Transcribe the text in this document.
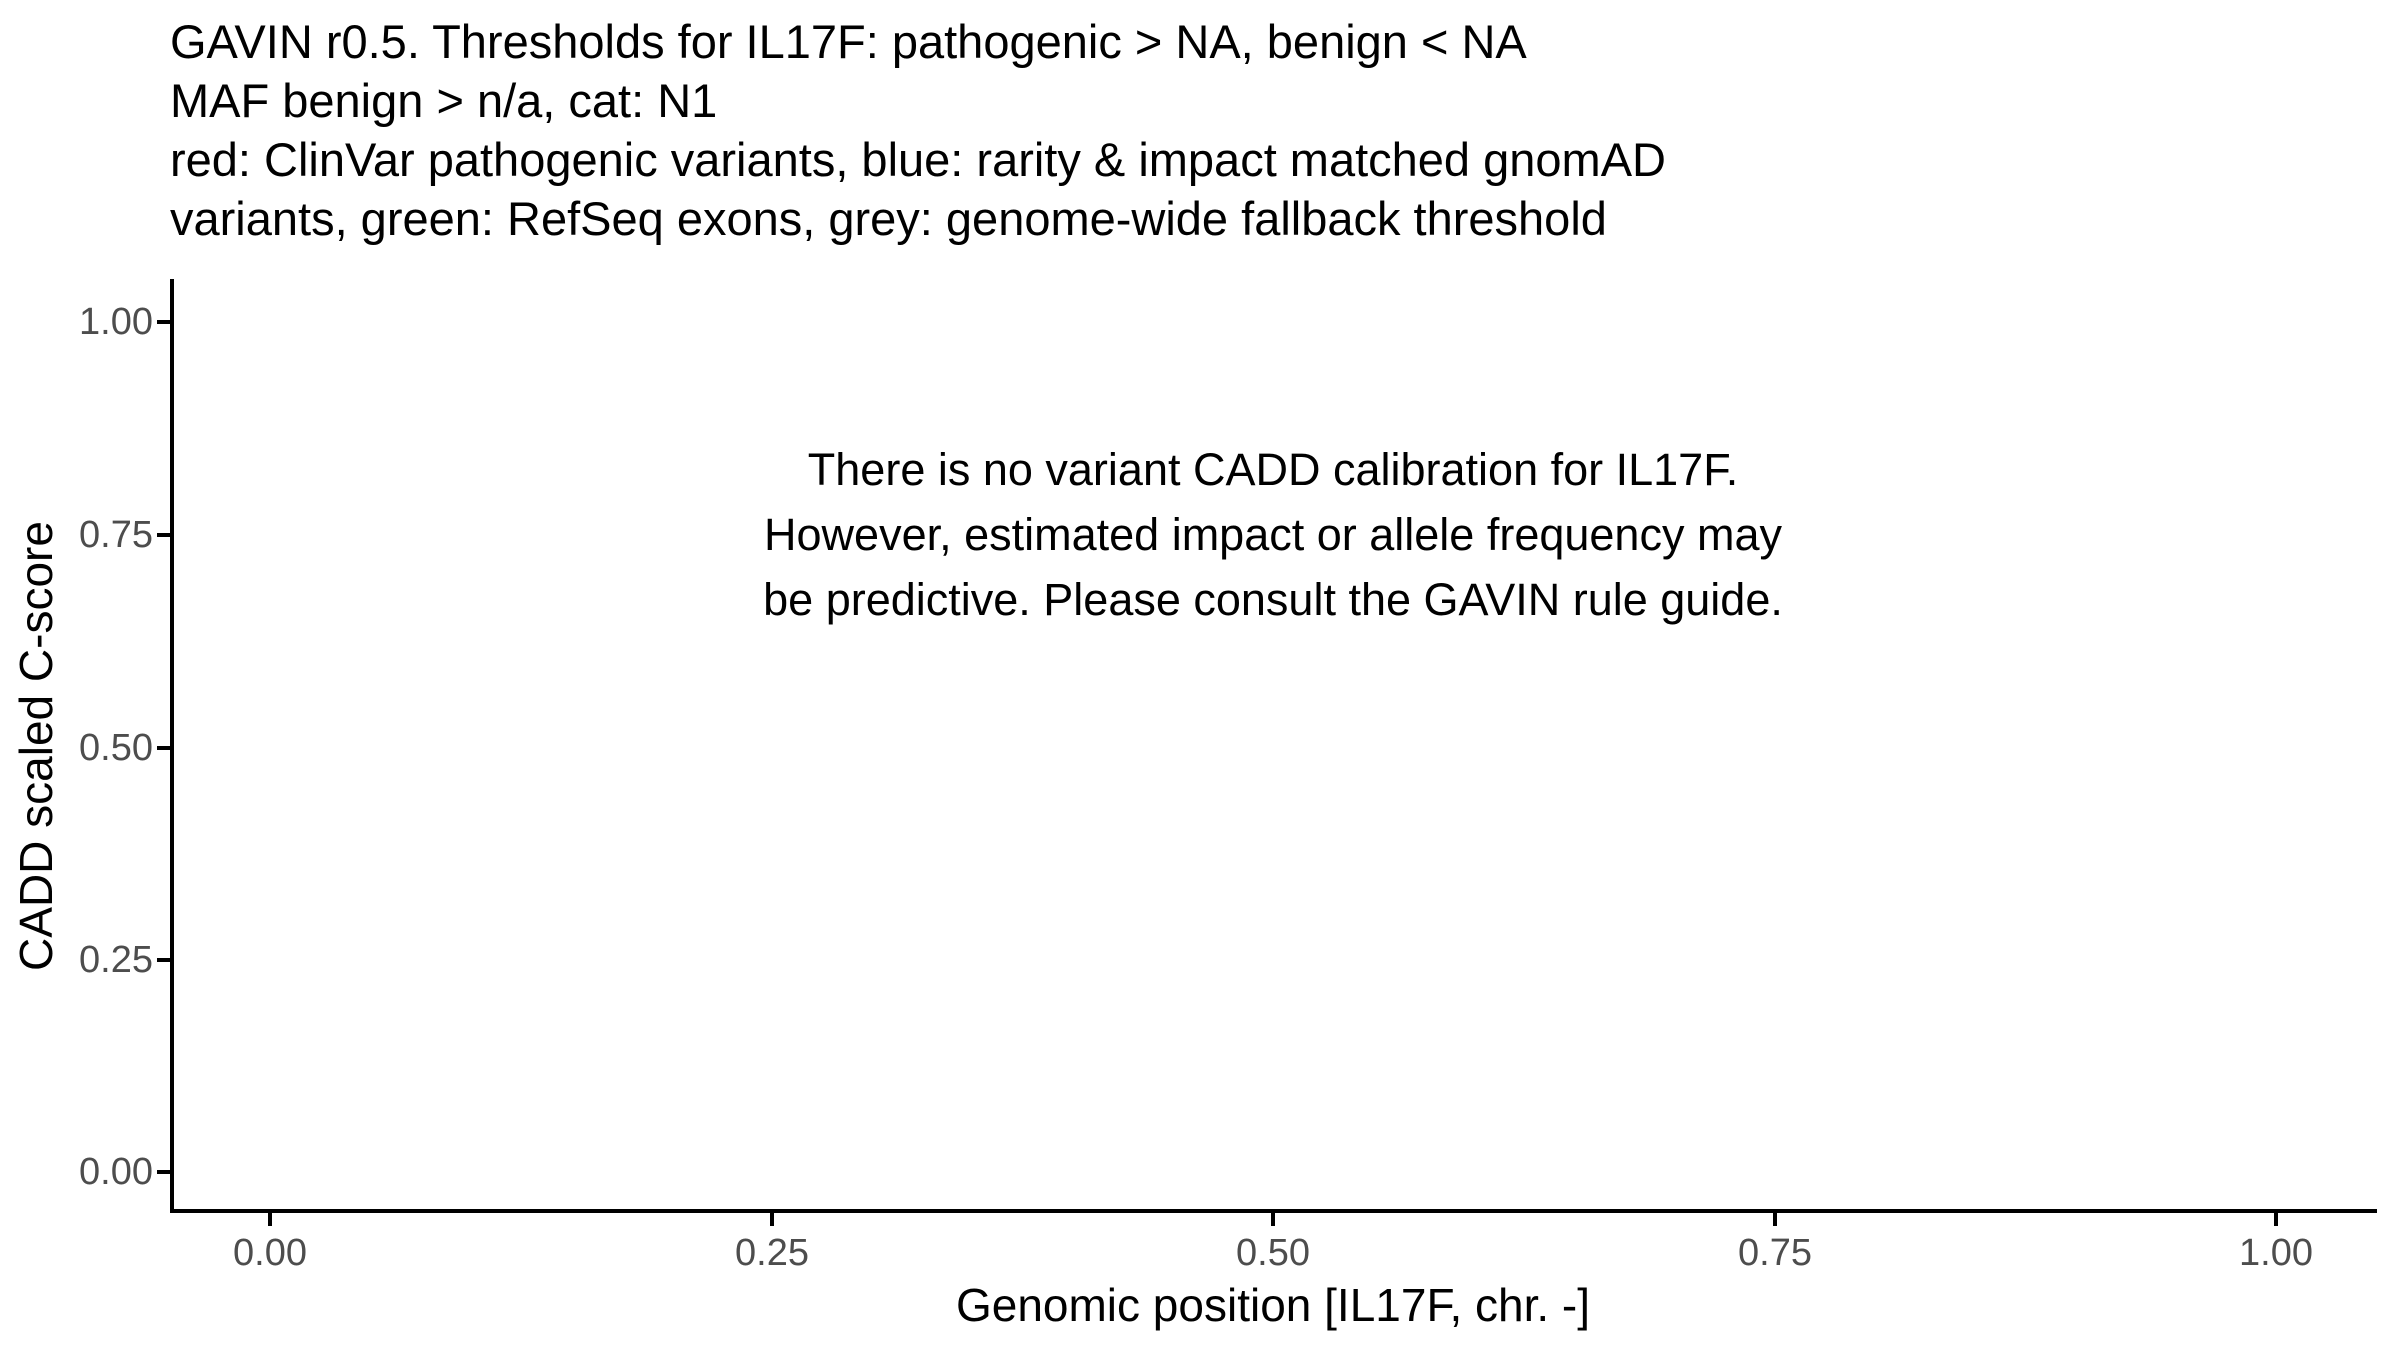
GAVIN r0.5. Thresholds for IL17F: pathogenic > NA, benign < NA
MAF benign > n/a, cat: N1
red: ClinVar pathogenic variants, blue: rarity & impact matched gnomAD
variants, green: RefSeq exons, grey: genome-wide fallback threshold
There is no variant CADD calibration for IL17F.
However, estimated impact or allele frequency may
be predictive. Please consult the GAVIN rule guide.
CADD scaled C-score
Genomic position [IL17F, chr. -]
1.00
0.75
0.50
0.25
0.00
0.00	0.25	0.50	0.75	1.00
